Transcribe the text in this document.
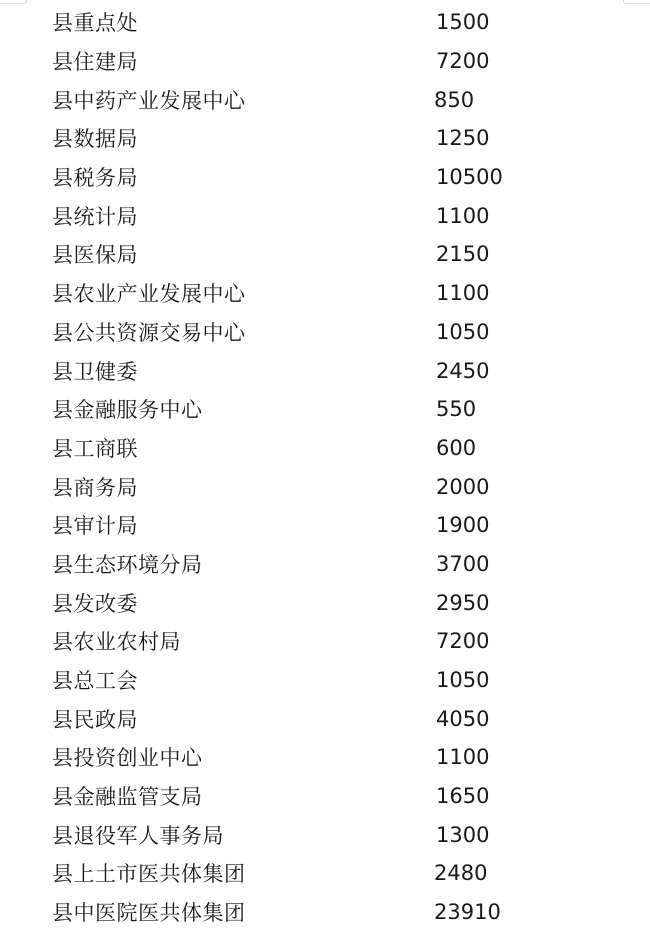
县重点处	1500
县住建局	7200
县中药产业发展中心	850
县数据局	1250
县税务局	10500
县统计局	1100
县医保局	2150
县农业产业发展中心	1100
县公共资源交易中心	1050
县卫健委	2450
县金融服务中心	550
县工商联	600
县商务局	2000
县审计局	1900
县生态环境分局	3700
县发改委	2950
县农业农村局	7200
县总工会	1050
县民政局	4050
县投资创业中心	1100
县金融监管支局	1650
县退役军人事务局	1300
县上土市医共体集团	2480
县中医院医共体集团	23910
